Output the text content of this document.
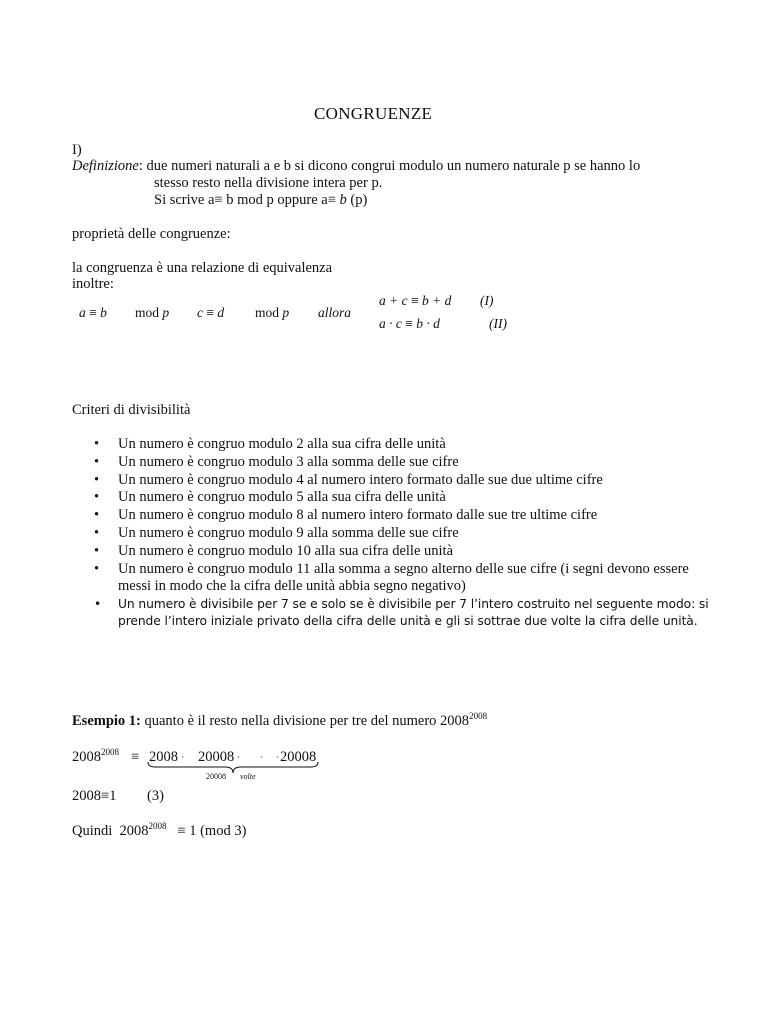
CONGRUENZE
I)
Definizione: due numeri naturali a e b si dicono congrui modulo un numero naturale p se hanno lo
stesso resto nella divisione intera per p.
Si scrive a≡ b mod p oppure a≡ b (p)
proprietà delle congruenze:
la congruenza è una relazione di equivalenza
inoltre:
a ≡ b mod p c ≡ d mod p allora
a + c ≡ b + d (I)
a · c ≡ b · d	(II)
Criteri di divisibilità
• Un numero è congruo modulo 2 alla sua cifra delle unità
• Un numero è congruo modulo 3 alla somma delle sue cifre
• Un numero è congruo modulo 4 al numero intero formato dalle sue due ultime cifre
• Un numero è congruo modulo 5 alla sua cifra delle unità
• Un numero è congruo modulo 8 al numero intero formato dalle sue tre ultime cifre
• Un numero è congruo modulo 9 alla somma delle sue cifre
• Un numero è congruo modulo 10 alla sua cifra delle unità
• Un numero è congruo modulo 11 alla somma a segno alterno delle sue cifre (i segni devono essere messi in modo che la cifra delle unità abbia segno negativo)
• Un numero è divisibile per 7 se e solo se è divisibile per 7 l’intero costruito nel seguente modo: si prende l’intero iniziale privato della cifra delle unità e gli si sottrae due volte la cifra delle unità.
Esempio 1: quanto è il resto nella divisione per tre del numero $2008^{2008}$
$2008^{2008} \equiv 2008 \cdot 20008$ · · · 20008
20008 volte
2008≡1 (3)
Quindi $2008^{2008} \equiv 1$ (mod 3)
